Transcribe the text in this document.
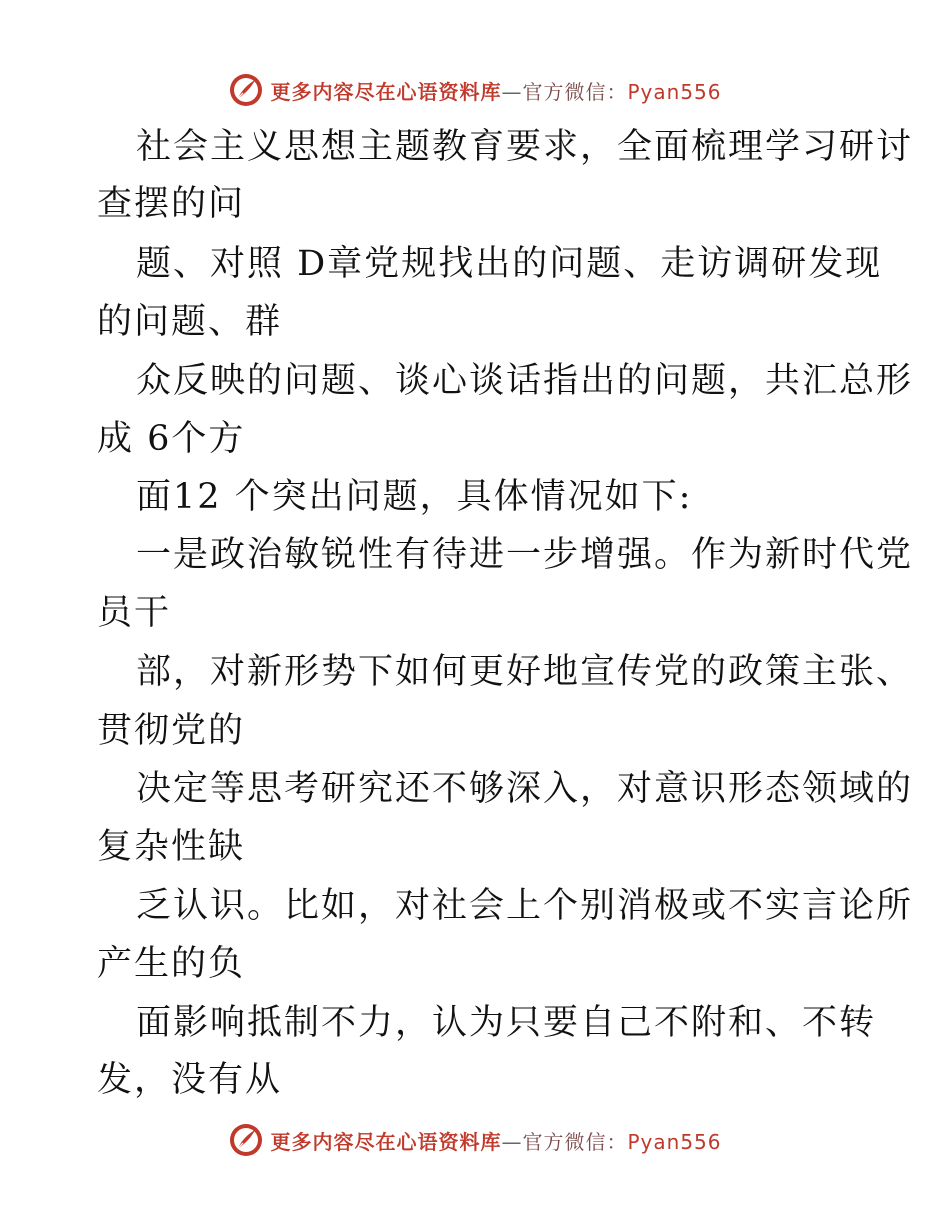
更多内容尽在心语资料库—官方微信：Pyan556
社会主义思想主题教育要求，全面梳理学习研讨
查摆的问
题、对照 D章党规找出的问题、走访调研发现
的问题、群
众反映的问题、谈心谈话指出的问题，共汇总形
成 6个方
面12 个突出问题，具体情况如下:
一是政治敏锐性有待进一步增强。作为新时代党
员干
部，对新形势下如何更好地宣传党的政策主张、
贯彻党的
决定等思考研究还不够深入，对意识形态领域的
复杂性缺
乏认识。比如，对社会上个别消极或不实言论所
产生的负
面影响抵制不力，认为只要自己不附和、不转
发，没有从
更多内容尽在心语资料库—官方微信：Pyan556
